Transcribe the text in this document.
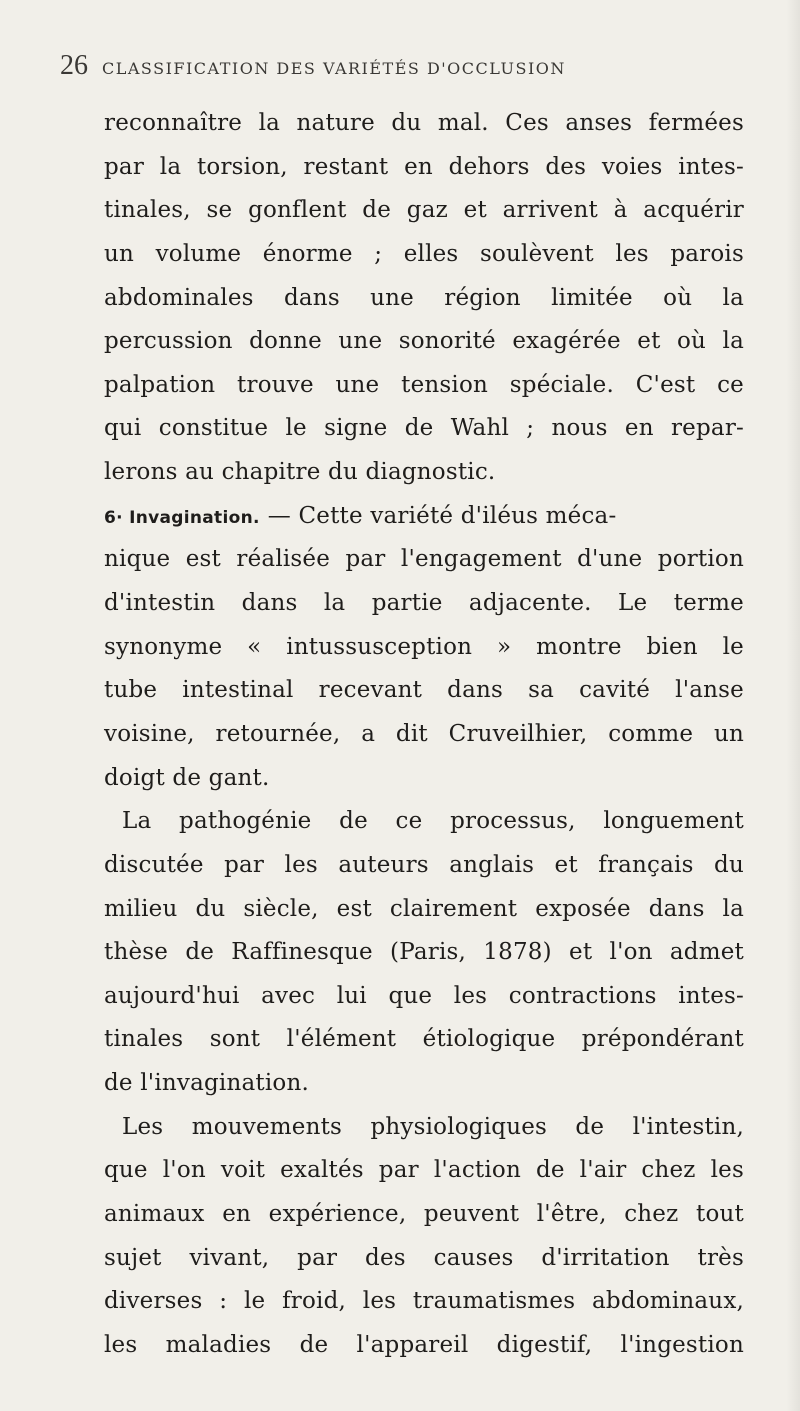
26 CLASSIFICATION DES VARIÉTÉS D'OCCLUSION
reconnaître la nature du mal. Ces anses fermées
par la torsion, restant en dehors des voies intes-
tinales, se gonflent de gaz et arrivent à acquérir
un volume énorme ; elles soulèvent les parois
abdominales dans une région limitée où la
percussion donne une sonorité exagérée et où la
palpation trouve une tension spéciale. C'est ce
qui constitue le signe de Wahl ; nous en repar-
lerons au chapitre du diagnostic.
6· Invagination. — Cette variété d'iléus méca-
nique est réalisée par l'engagement d'une portion
d'intestin dans la partie adjacente. Le terme
synonyme « intussusception » montre bien le
tube intestinal recevant dans sa cavité l'anse
voisine, retournée, a dit Cruveilhier, comme un
doigt de gant.
La pathogénie de ce processus, longuement
discutée par les auteurs anglais et français du
milieu du siècle, est clairement exposée dans la
thèse de Raffinesque (Paris, 1878) et l'on admet
aujourd'hui avec lui que les contractions intes-
tinales sont l'élément étiologique prépondérant
de l'invagination.
Les mouvements physiologiques de l'intestin,
que l'on voit exaltés par l'action de l'air chez les
animaux en expérience, peuvent l'être, chez tout
sujet vivant, par des causes d'irritation très
diverses : le froid, les traumatismes abdominaux,
les maladies de l'appareil digestif, l'ingestion
